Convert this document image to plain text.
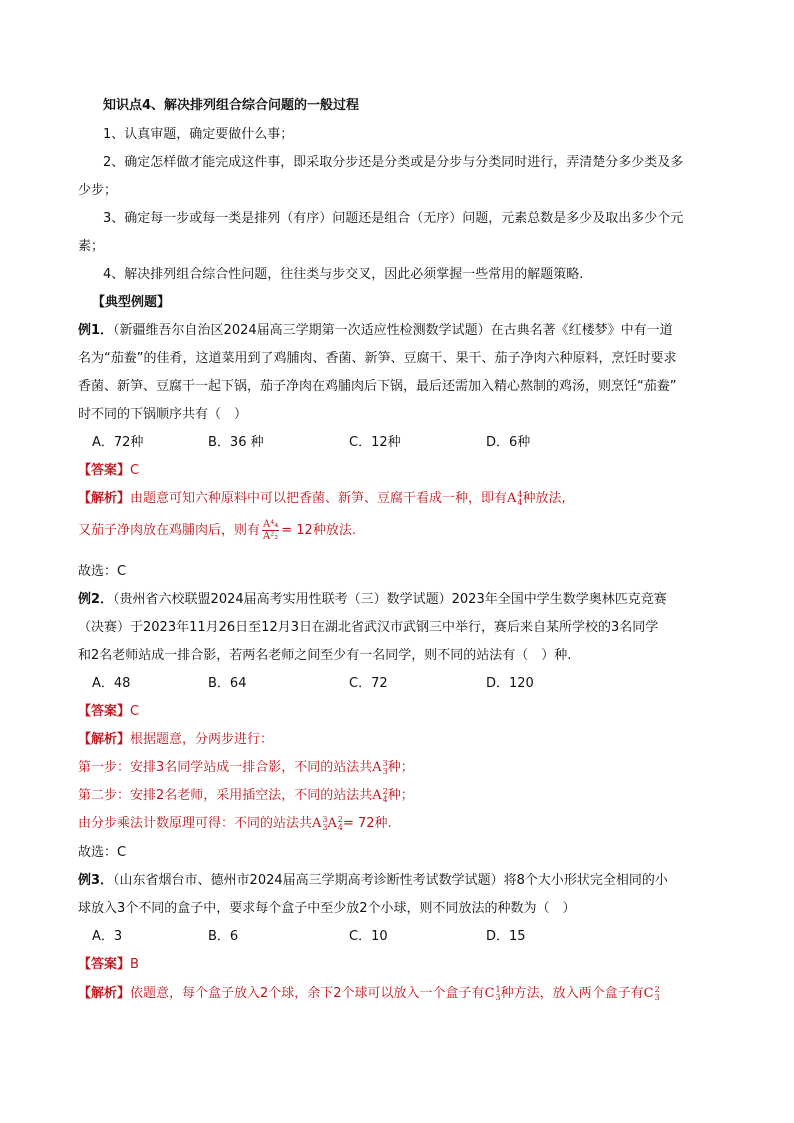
知识点4、解决排列组合综合问题的一般过程
1、认真审题，确定要做什么事；
2、确定怎样做才能完成这件事，即采取分步还是分类或是分步与分类同时进行，弄清楚分多少类及多
少步；
3、确定每一步或每一类是排列（有序）问题还是组合（无序）问题，元素总数是多少及取出多少个元
素；
4、解决排列组合综合性问题，往往类与步交叉，因此必须掌握一些常用的解题策略.
【典型例题】
例1．（新疆维吾尔自治区2024届高三学期第一次适应性检测数学试题）在古典名著《红楼梦》中有一道
名为“茄鲞”的佳肴，这道菜用到了鸡脯肉、香菌、新笋、豆腐干、果干、茄子净肉六种原料，烹饪时要求
香菌、新笋、豆腐干一起下锅，茄子净肉在鸡脯肉后下锅，最后还需加入精心熬制的鸡汤，则烹饪“茄鲞”
时不同的下锅顺序共有（　）
A．72种	B．36 种	C．12种	D．6种
【答案】C
【解析】由题意可知六种原料中可以把香菌、新笋、豆腐干看成一种，即有A 4
4 种放法,
又茄子净肉放在鸡脯肉后，则有 $\frac{\text{A⁴₄}}{\text{A²₂}} = 12$种放法.
故选：C
例2．（贵州省六校联盟2024届高考实用性联考（三）数学试题）2023年全国中学生数学奥林匹克竞赛
（决赛）于2023年11月26日至12月3日在湖北省武汉市武钢三中举行，赛后来自某所学校的3名同学
和2名老师站成一排合影，若两名老师之间至少有一名同学，则不同的站法有（　）种.
A．48	B．64	C．72	D．120
【答案】C
【解析】根据题意，分两步进行：
第一步：安排3名同学站成一排合影，不同的站法共A 3
3 种；
第二步：安排2名老师，采用插空法，不同的站法共A 2
4 种；
由分步乘法计数原理可得：不同的站法共A 3
3 A 2
4 = 72种.
故选：C
例3．（山东省烟台市、德州市2024届高三学期高考诊断性考试数学试题）将8个大小形状完全相同的小
球放入3个不同的盒子中，要求每个盒子中至少放2个小球，则不同放法的种数为（　）
A．3	B．6	C．10	D．15
【答案】B
【解析】依题意，每个盒子放入2个球，余下2个球可以放入一个盒子有C 1
3 种方法，放入两个盒子有C 2
3
